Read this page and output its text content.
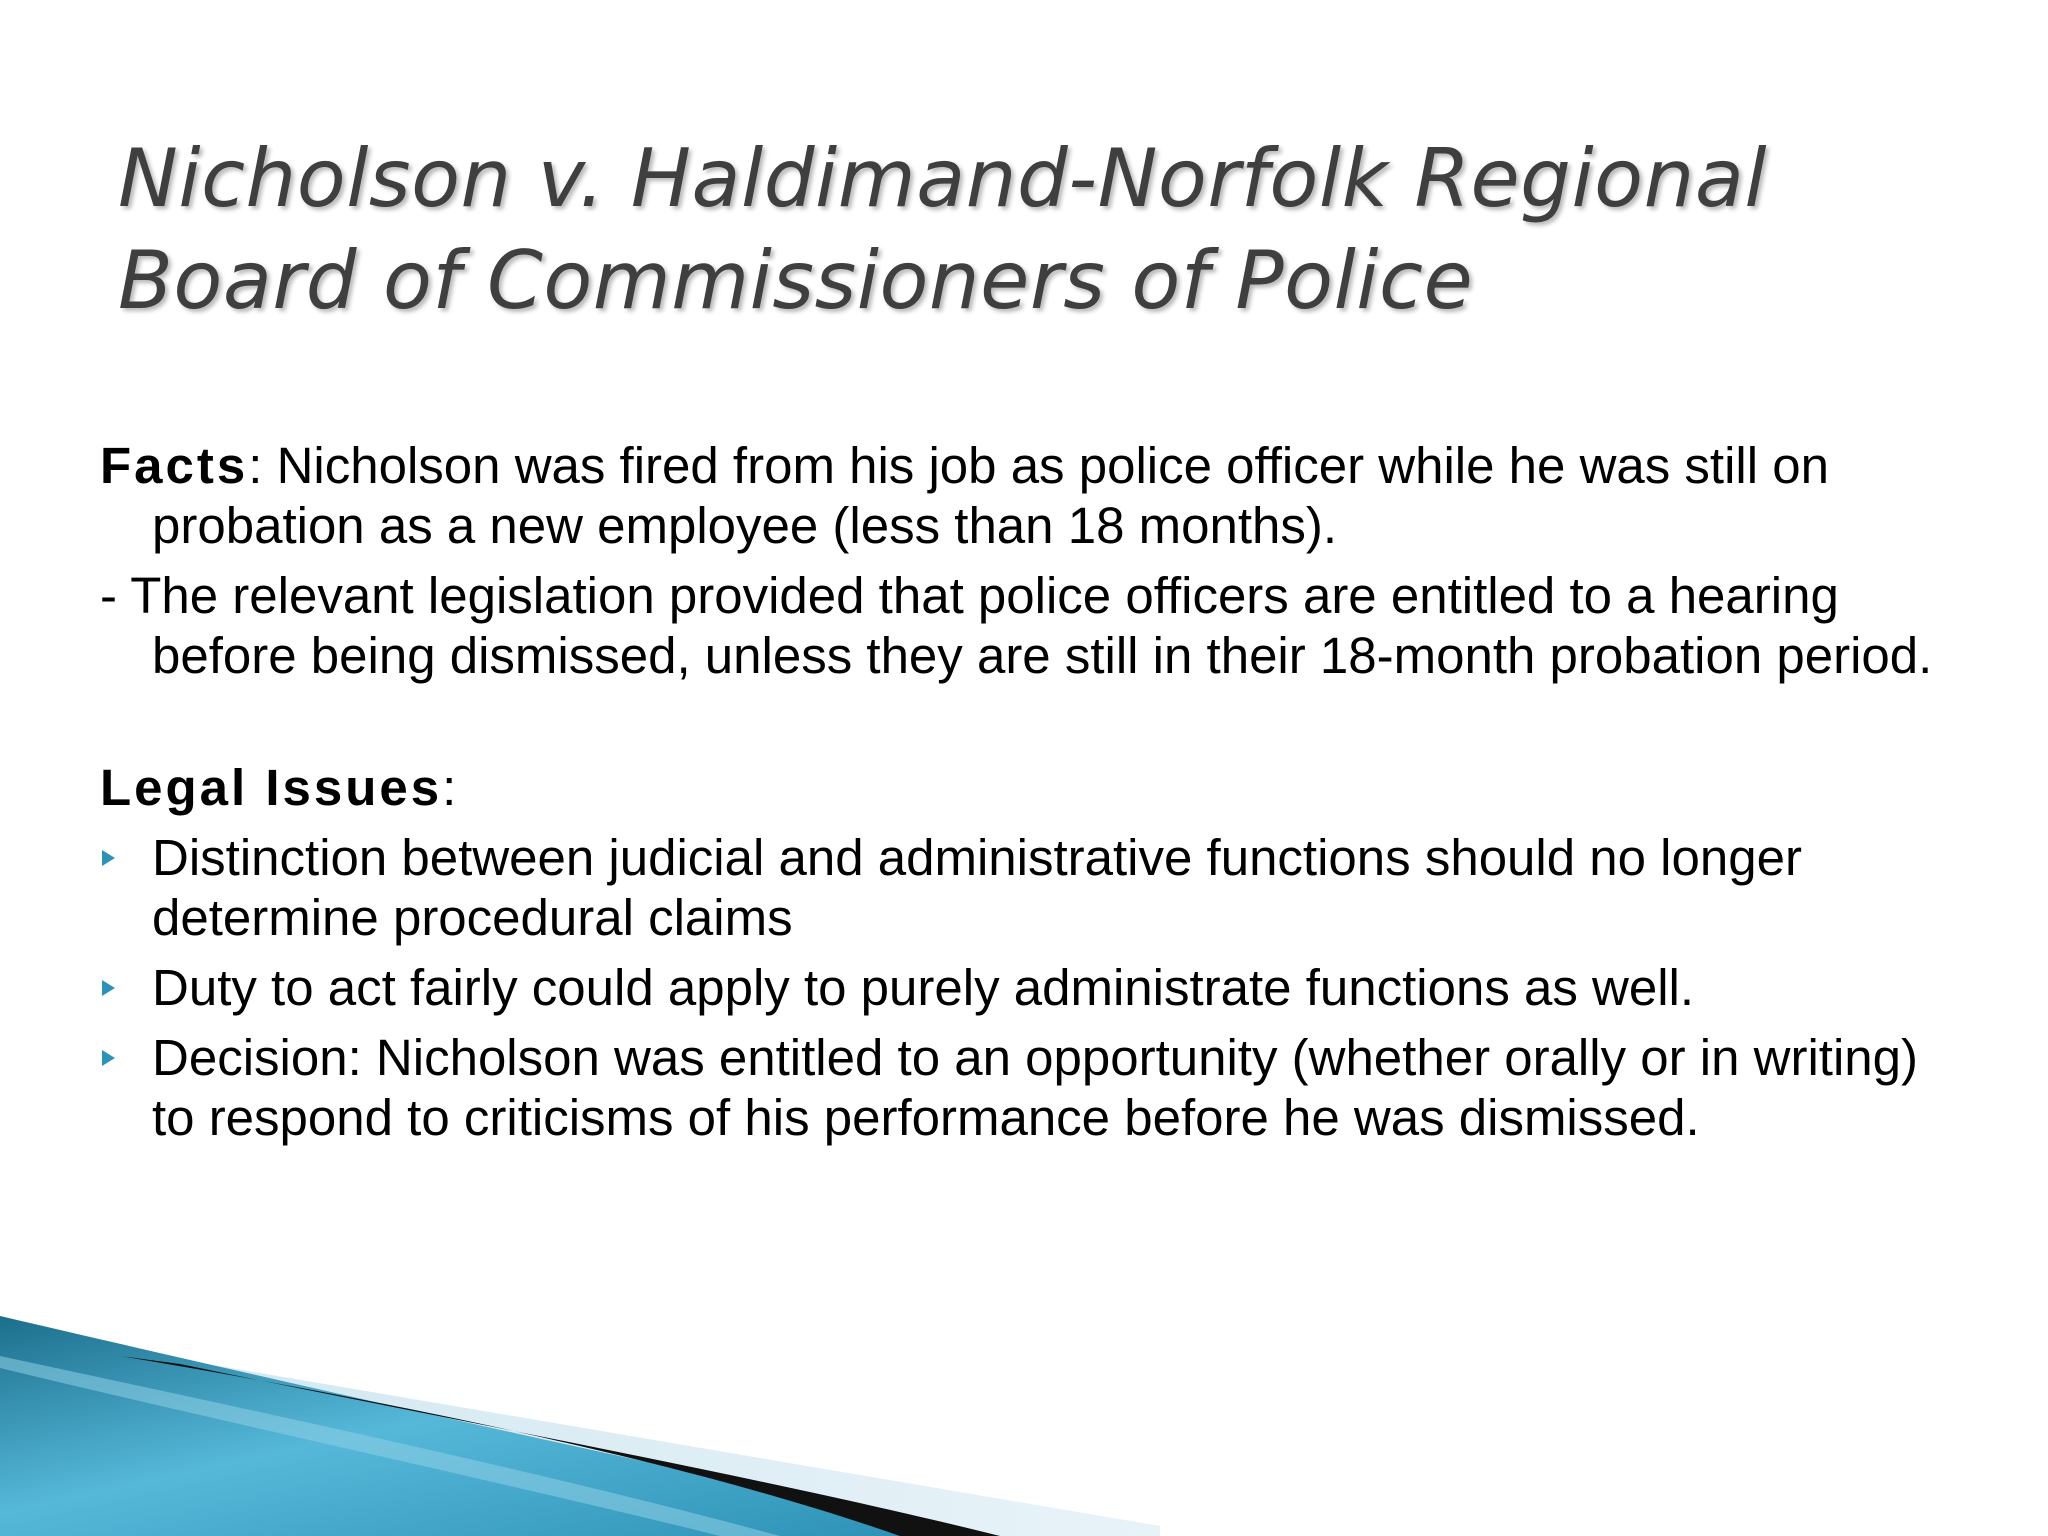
Nicholson v. Haldimand-Norfolk Regional
Board of Commissioners of Police

Facts: Nicholson was fired from his job as police officer while he was still on probation as a new employee (less than 18 months).

- The relevant legislation provided that police officers are entitled to a hearing before being dismissed, unless they are still in their 18-month probation period.

Legal Issues:

Distinction between judicial and administrative functions should no longer determine procedural claims
Duty to act fairly could apply to purely administrate functions as well.
Decision: Nicholson was entitled to an opportunity (whether orally or in writing) to respond to criticisms of his performance before he was dismissed.
